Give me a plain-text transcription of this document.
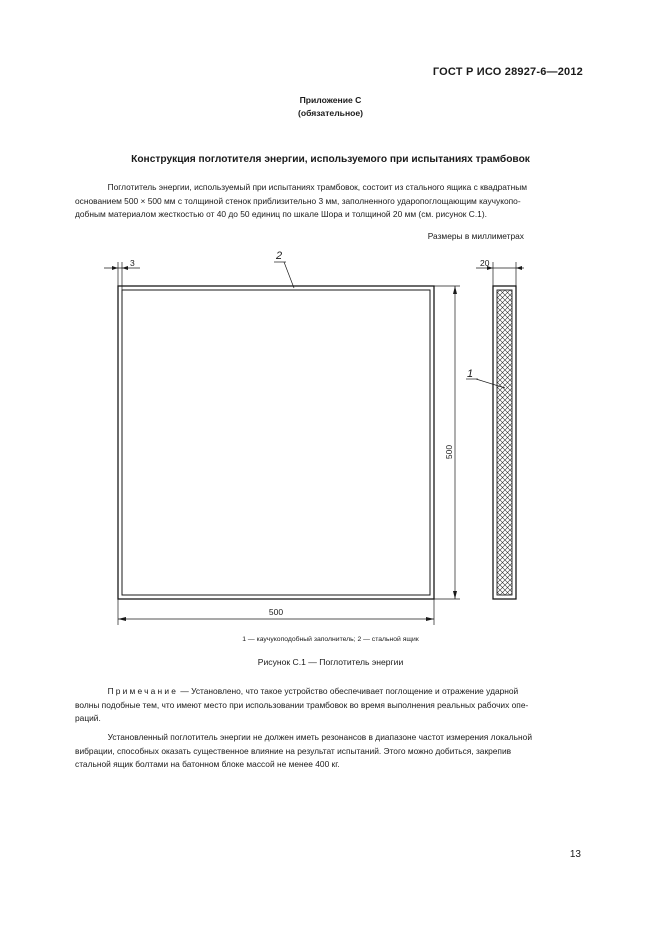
ГОСТ Р ИСО 28927-6—2012
Приложение С
(обязательное)
Конструкция поглотителя энергии, используемого при испытаниях трамбовок
Поглотитель энергии, используемый при испытаниях трамбовок, состоит из стального ящика с квадратным
основанием 500 × 500 мм с толщиной стенок приблизительно 3 мм, заполненного ударопоглощающим каучукопо-
добным материалом жесткостью от 40 до 50 единиц по шкале Шора и толщиной 20 мм (см. рисунок С.1).
Размеры в миллиметрах
3
2
500
500
20
1
1 — каучукоподобный заполнитель; 2 — стальной ящик
Рисунок С.1 — Поглотитель энергии
Примечание — Установлено, что такое устройство обеспечивает поглощение и отражение ударной
волны подобные тем, что имеют место при использовании трамбовок во время выполнения реальных рабочих опе-
раций.
Установленный поглотитель энергии не должен иметь резонансов в диапазоне частот измерения локальной
вибрации, способных оказать существенное влияние на результат испытаний. Этого можно добиться, закрепив
стальной ящик болтами на батонном блоке массой не менее 400 кг.
13
